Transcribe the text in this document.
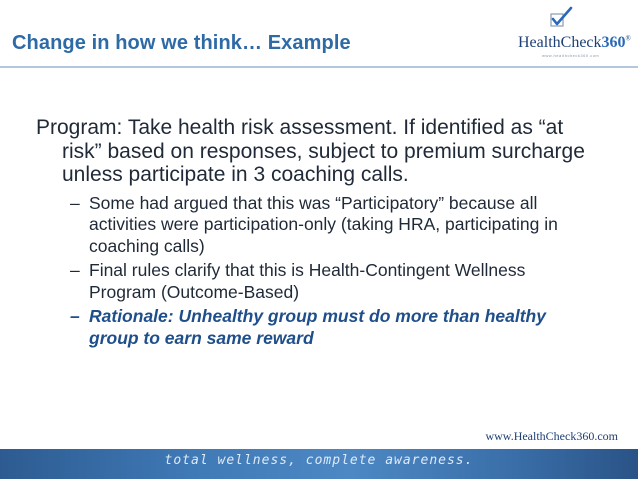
Change in how we think… Example	HealthCheck360®
www.healthcheck360.com

Program: Take health risk assessment. If identified as “at risk” based on responses, subject to premium surcharge unless participate in 3 coaching calls.

– Some had argued that this was “Participatory” because all activities were participation-only (taking HRA, participating in coaching calls)

– Final rules clarify that this is Health-Contingent Wellness Program (Outcome-Based)

– Rationale: Unhealthy group must do more than healthy group to earn same reward

www.HealthCheck360.com
total wellness, complete awareness.
